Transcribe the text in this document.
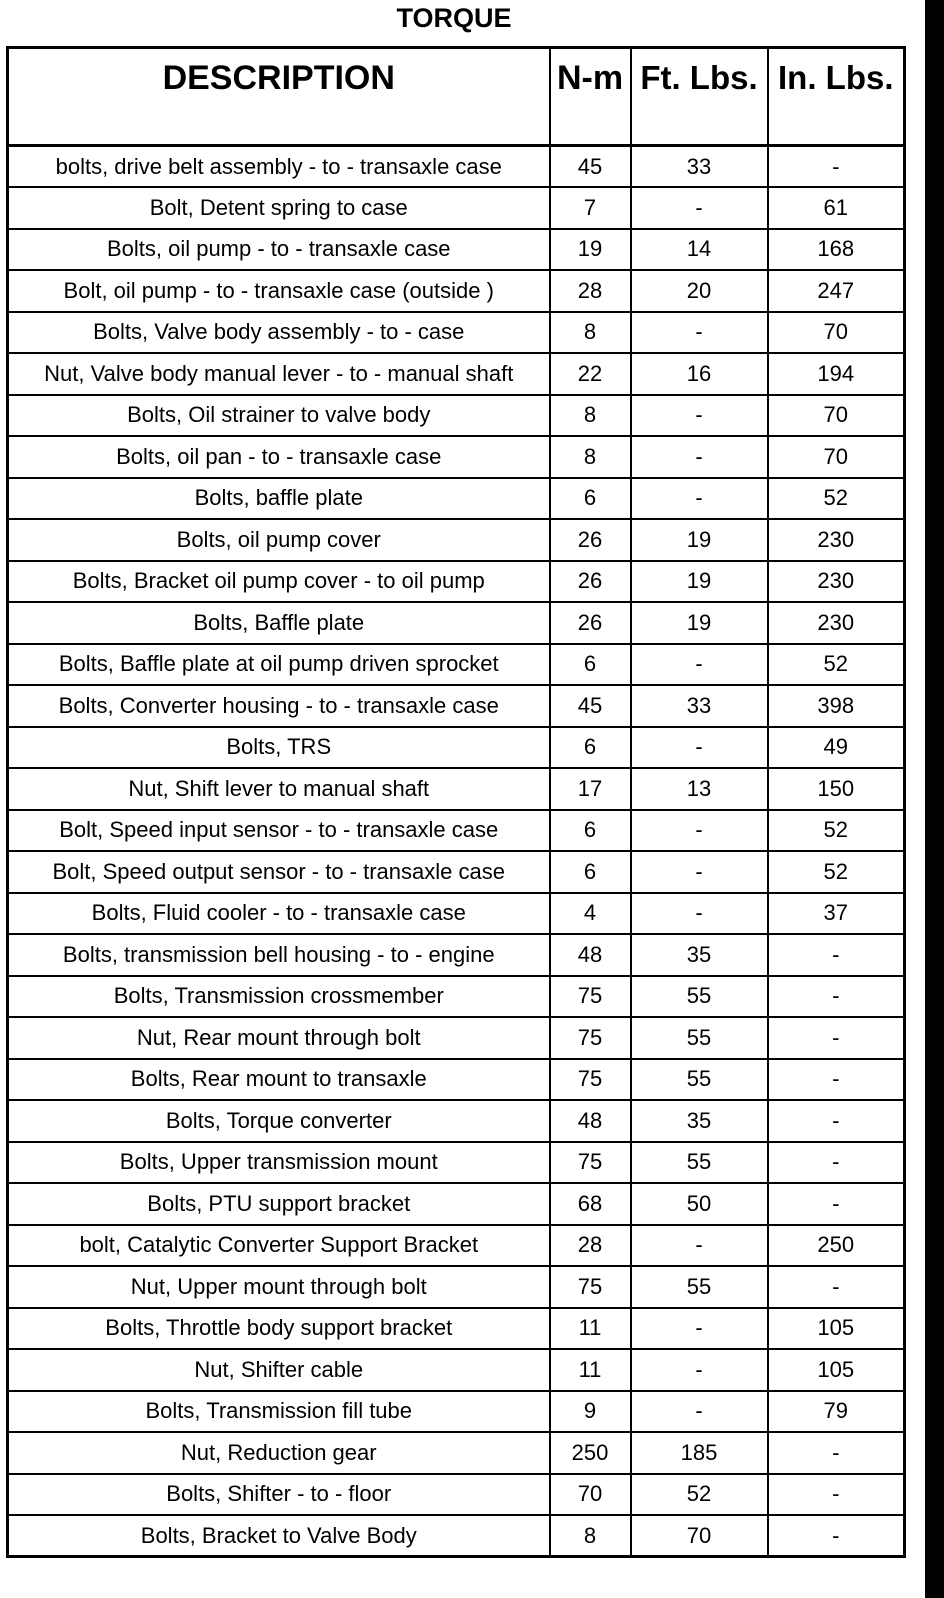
TORQUE
DESCRIPTION	N-m	Ft. Lbs.	In. Lbs.
bolts, drive belt assembly - to - transaxle case	45	33	-
Bolt, Detent spring to case	7	-	61
Bolts, oil pump - to - transaxle case	19	14	168
Bolt, oil pump - to - transaxle case (outside )	28	20	247
Bolts, Valve body assembly - to - case	8	-	70
Nut, Valve body manual lever - to - manual shaft	22	16	194
Bolts, Oil strainer to valve body	8	-	70
Bolts, oil pan - to - transaxle case	8	-	70
Bolts, baffle plate	6	-	52
Bolts, oil pump cover	26	19	230
Bolts, Bracket oil pump cover - to oil pump	26	19	230
Bolts, Baffle plate	26	19	230
Bolts, Baffle plate at oil pump driven sprocket	6	-	52
Bolts, Converter housing - to - transaxle case	45	33	398
Bolts, TRS	6	-	49
Nut, Shift lever to manual shaft	17	13	150
Bolt, Speed input sensor - to - transaxle case	6	-	52
Bolt, Speed output sensor - to - transaxle case	6	-	52
Bolts, Fluid cooler - to - transaxle case	4	-	37
Bolts, transmission bell housing - to - engine	48	35	-
Bolts, Transmission crossmember	75	55	-
Nut, Rear mount through bolt	75	55	-
Bolts, Rear mount to transaxle	75	55	-
Bolts, Torque converter	48	35	-
Bolts, Upper transmission mount	75	55	-
Bolts, PTU support bracket	68	50	-
bolt, Catalytic Converter Support Bracket	28	-	250
Nut, Upper mount through bolt	75	55	-
Bolts, Throttle body support bracket	11	-	105
Nut, Shifter cable	11	-	105
Bolts, Transmission fill tube	9	-	79
Nut, Reduction gear	250	185	-
Bolts, Shifter - to - floor	70	52	-
Bolts, Bracket to Valve Body	8	70	-
